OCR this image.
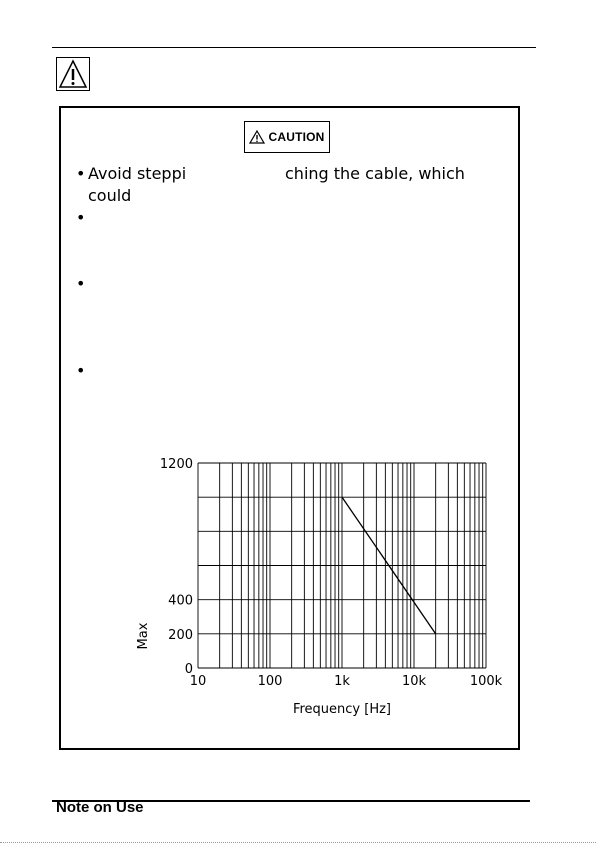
CAUTION
• Avoid steppi	ching the cable, which
could
•
•
•
10	100	1k	10k	100k
0
200
400
1200
Frequency [Hz]
Max
Note on Use
